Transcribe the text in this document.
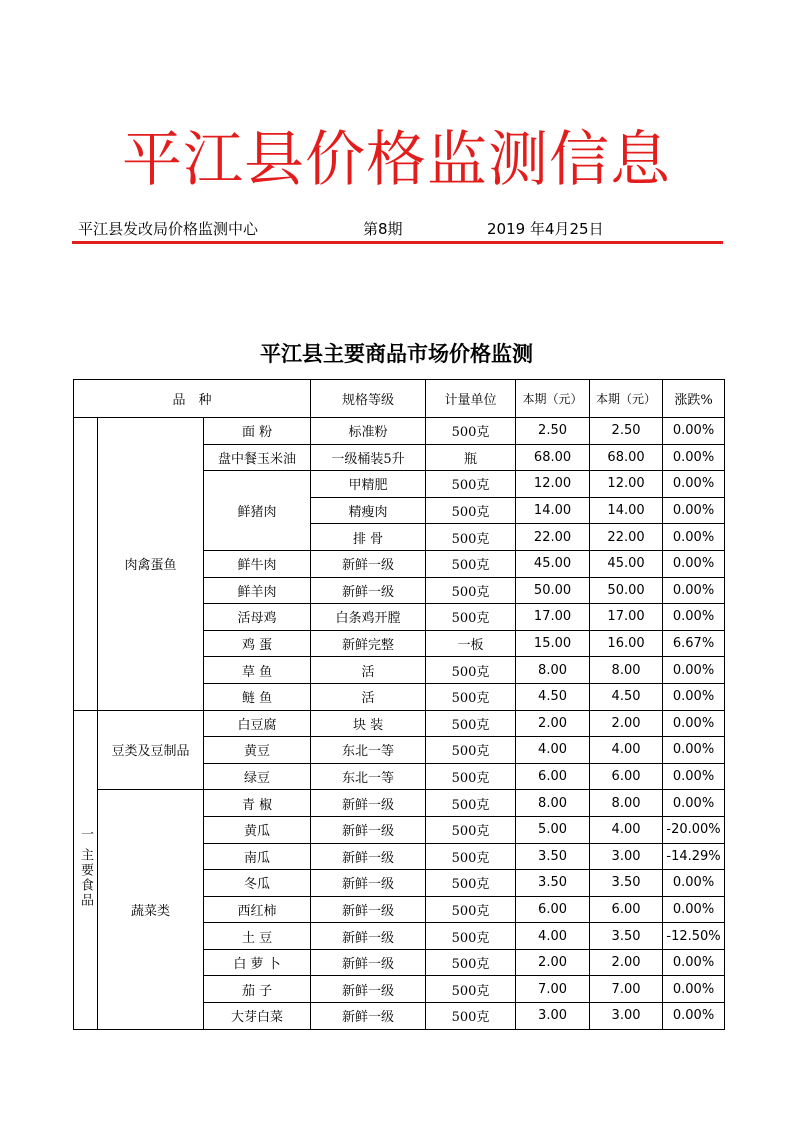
平江县价格监测信息
平江县发改局价格监测中心	第8期	2019 年4月25日
平江县主要商品市场价格监测
品　种			规格等级	计量单位	本期（元）	本期（元）	涨跌%
	肉禽蛋鱼	面 粉	标准粉	500克	2.50	2.50	0.00%
		盘中餐玉米油	一级桶装5升	瓶	68.00	68.00	0.00%
		鲜猪肉	甲精肥	500克	12.00	12.00	0.00%
			精瘦肉	500克	14.00	14.00	0.00%
			排 骨	500克	22.00	22.00	0.00%
		鲜牛肉	新鲜一级	500克	45.00	45.00	0.00%
		鲜羊肉	新鲜一级	500克	50.00	50.00	0.00%
		活母鸡	白条鸡开膛	500克	17.00	17.00	0.00%
		鸡 蛋	新鲜完整	一板	15.00	16.00	6.67%
		草 鱼	活	500克	8.00	8.00	0.00%
		鲢 鱼	活	500克	4.50	4.50	0.00%
一 主要食品	豆类及豆制品	白豆腐	块 装	500克	2.00	2.00	0.00%
		黄豆	东北一等	500克	4.00	4.00	0.00%
		绿豆	东北一等	500克	6.00	6.00	0.00%
	蔬菜类	青 椒	新鲜一级	500克	8.00	8.00	0.00%
		黄瓜	新鲜一级	500克	5.00	4.00	-20.00%
		南瓜	新鲜一级	500克	3.50	3.00	-14.29%
		冬瓜	新鲜一级	500克	3.50	3.50	0.00%
		西红柿	新鲜一级	500克	6.00	6.00	0.00%
		土 豆	新鲜一级	500克	4.00	3.50	-12.50%
		白 萝 卜	新鲜一级	500克	2.00	2.00	0.00%
		茄 子	新鲜一级	500克	7.00	7.00	0.00%
		大芽白菜	新鲜一级	500克	3.00	3.00	0.00%
